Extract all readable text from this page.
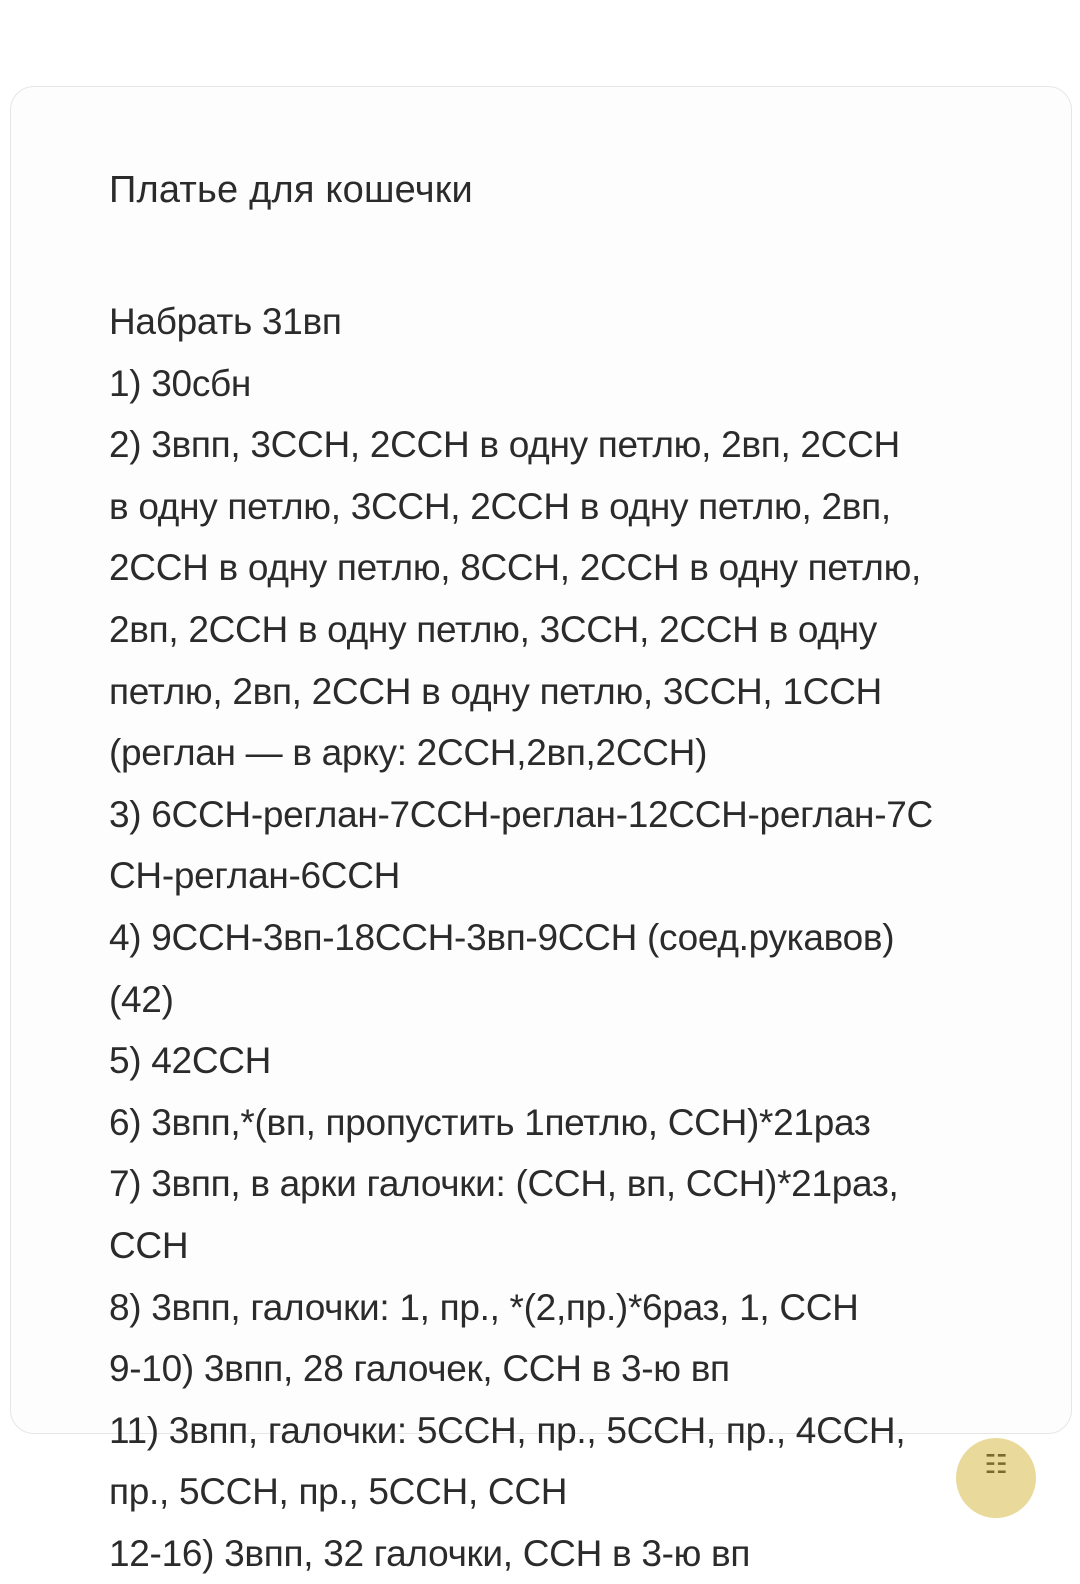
Платье для кошечки

Набрать 31вп

1) 30сбн

2) 3впп, 3ССН, 2ССН в одну петлю, 2вп, 2ССН

в одну петлю, 3ССН, 2ССН в одну петлю, 2вп,

2ССН в одну петлю, 8ССН, 2ССН в одну петлю,

2вп, 2ССН в одну петлю, 3ССН, 2ССН в одну

петлю, 2вп, 2ССН в одну петлю, 3ССН, 1ССН

(реглан — в арку: 2ССН,2вп,2ССН)

3) 6ССН-реглан-7ССН-реглан-12ССН-реглан-7С

СН-реглан-6ССН

4) 9ССН-3вп-18ССН-3вп-9ССН (соед.рукавов)

(42)

5) 42ССН

6) 3впп,*(вп, пропустить 1петлю, ССН)*21раз

7) 3впп, в арки галочки: (ССН, вп, ССН)*21раз,

ССН

8) 3впп, галочки: 1, пр., *(2,пр.)*6раз, 1, ССН

9-10) 3впп, 28 галочек, ССН в 3-ю вп

11) 3впп, галочки: 5ССН, пр., 5ССН, пр., 4ССН,

пр., 5ССН, пр., 5ССН, ССН

12-16) 3впп, 32 галочки, ССН в 3-ю вп

☷
